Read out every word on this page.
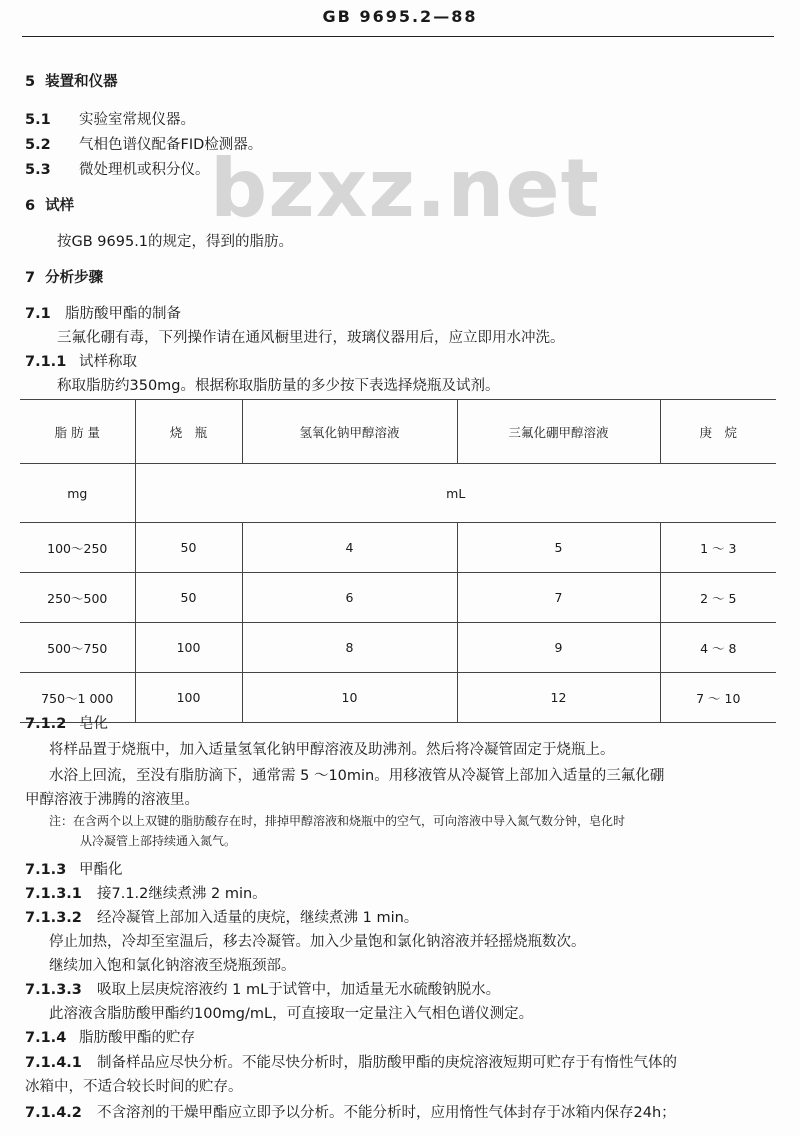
GB 9695.2—88
bzxz.net
5 装置和仪器
5.1 实验室常规仪器。
5.2 气相色谱仪配备FID检测器。
5.3 微处理机或积分仪。
6 试样
按GB 9695.1的规定，得到的脂肪。
7 分析步骤
7.1 脂肪酸甲酯的制备
三氟化硼有毒，下列操作请在通风橱里进行，玻璃仪器用后，应立即用水冲洗。
7.1.1 试样称取
称取脂肪约350mg。根据称取脂肪量的多少按下表选择烧瓶及试剂。
脂 肪 量	烧　瓶	氢氧化钠甲醇溶液	三氟化硼甲醇溶液	庚　烷
mg	mL			
100～250	50	4	5	1 ～ 3
250～500	50	6	7	2 ～ 5
500～750	100	8	9	4 ～ 8
750～1 000	100	10	12	7 ～ 10
7.1.2 皂化
将样品置于烧瓶中，加入适量氢氧化钠甲醇溶液及助沸剂。然后将冷凝管固定于烧瓶上。
水浴上回流，至没有脂肪滴下，通常需 5 ～10min。用移液管从冷凝管上部加入适量的三氟化硼
甲醇溶液于沸腾的溶液里。
注：在含两个以上双键的脂肪酸存在时，排掉甲醇溶液和烧瓶中的空气，可向溶液中导入氮气数分钟，皂化时
从冷凝管上部持续通入氮气。
7.1.3 甲酯化
7.1.3.1 接7.1.2继续煮沸 2 min。
7.1.3.2 经冷凝管上部加入适量的庚烷，继续煮沸 1 min。
停止加热，冷却至室温后，移去冷凝管。加入少量饱和氯化钠溶液并轻摇烧瓶数次。
继续加入饱和氯化钠溶液至烧瓶颈部。
7.1.3.3 吸取上层庚烷溶液约 1 mL于试管中，加适量无水硫酸钠脱水。
此溶液含脂肪酸甲酯约100mg/mL，可直接取一定量注入气相色谱仪测定。
7.1.4 脂肪酸甲酯的贮存
7.1.4.1 制备样品应尽快分析。不能尽快分析时，脂肪酸甲酯的庚烷溶液短期可贮存于有惰性气体的
冰箱中，不适合较长时间的贮存。
7.1.4.2 不含溶剂的干燥甲酯应立即予以分析。不能分析时，应用惰性气体封存于冰箱内保存24h；
